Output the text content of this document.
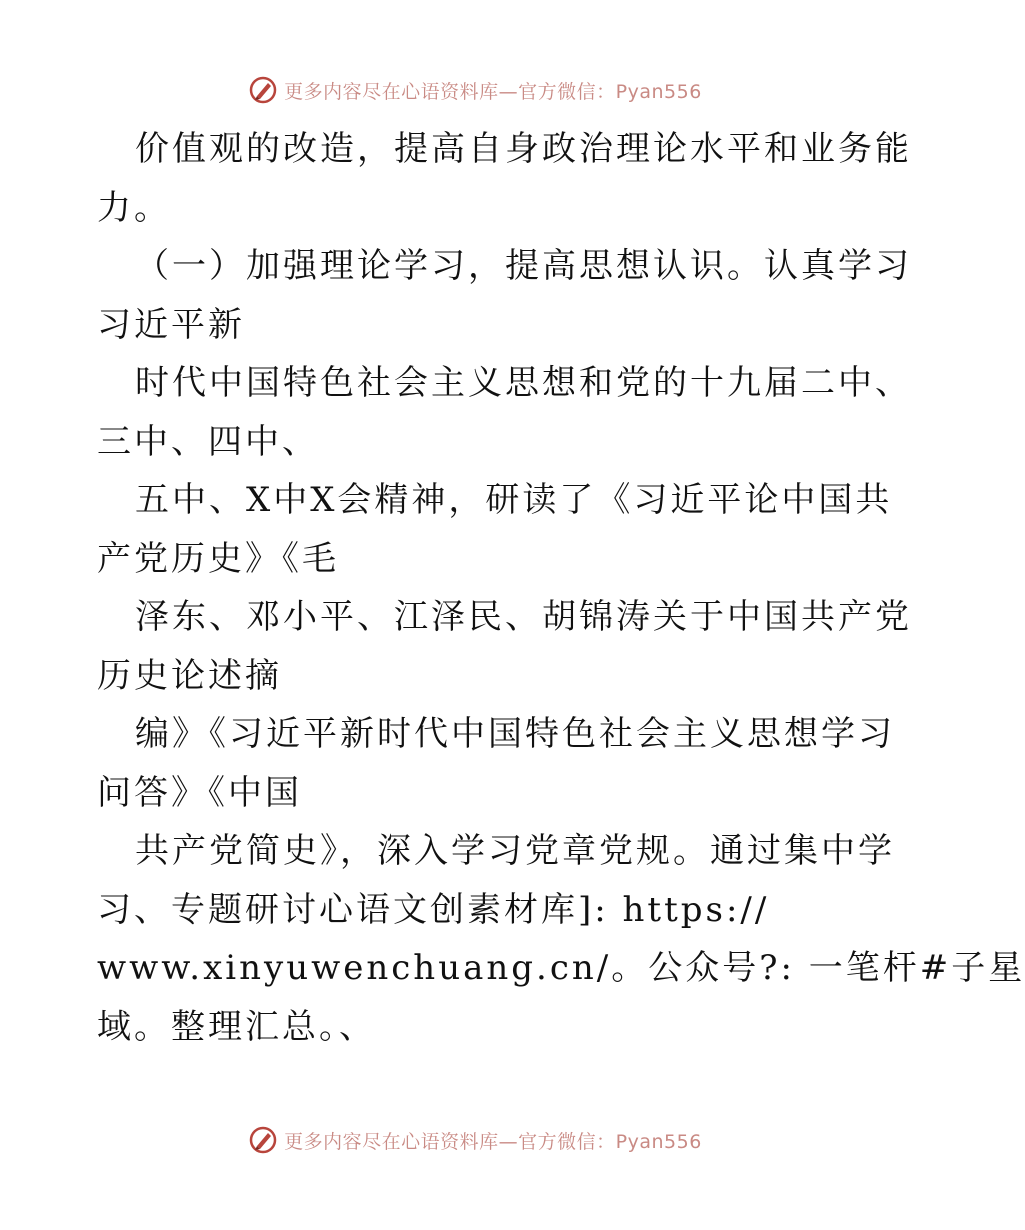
更多内容尽在心语资料库—官方微信：Pyan556
价值观的改造，提高自身政治理论水平和业务能
力。
（一）加强理论学习，提高思想认识。认真学习
习近平新
时代中国特色社会主义思想和党的十九届二中、
三中、四中、
五中、X中X会精神，研读了《习近平论中国共
产党历史》《毛
泽东、邓小平、江泽民、胡锦涛关于中国共产党
历史论述摘
编》《习近平新时代中国特色社会主义思想学习
问答》《中国
共产党简史》，深入学习党章党规。通过集中学
习、专题研讨心语文创素材库]: https://
www.xinyuwenchuang.cn/。公众号?: 一笔杆#子星
域。整理汇总。、
更多内容尽在心语资料库—官方微信：Pyan556
